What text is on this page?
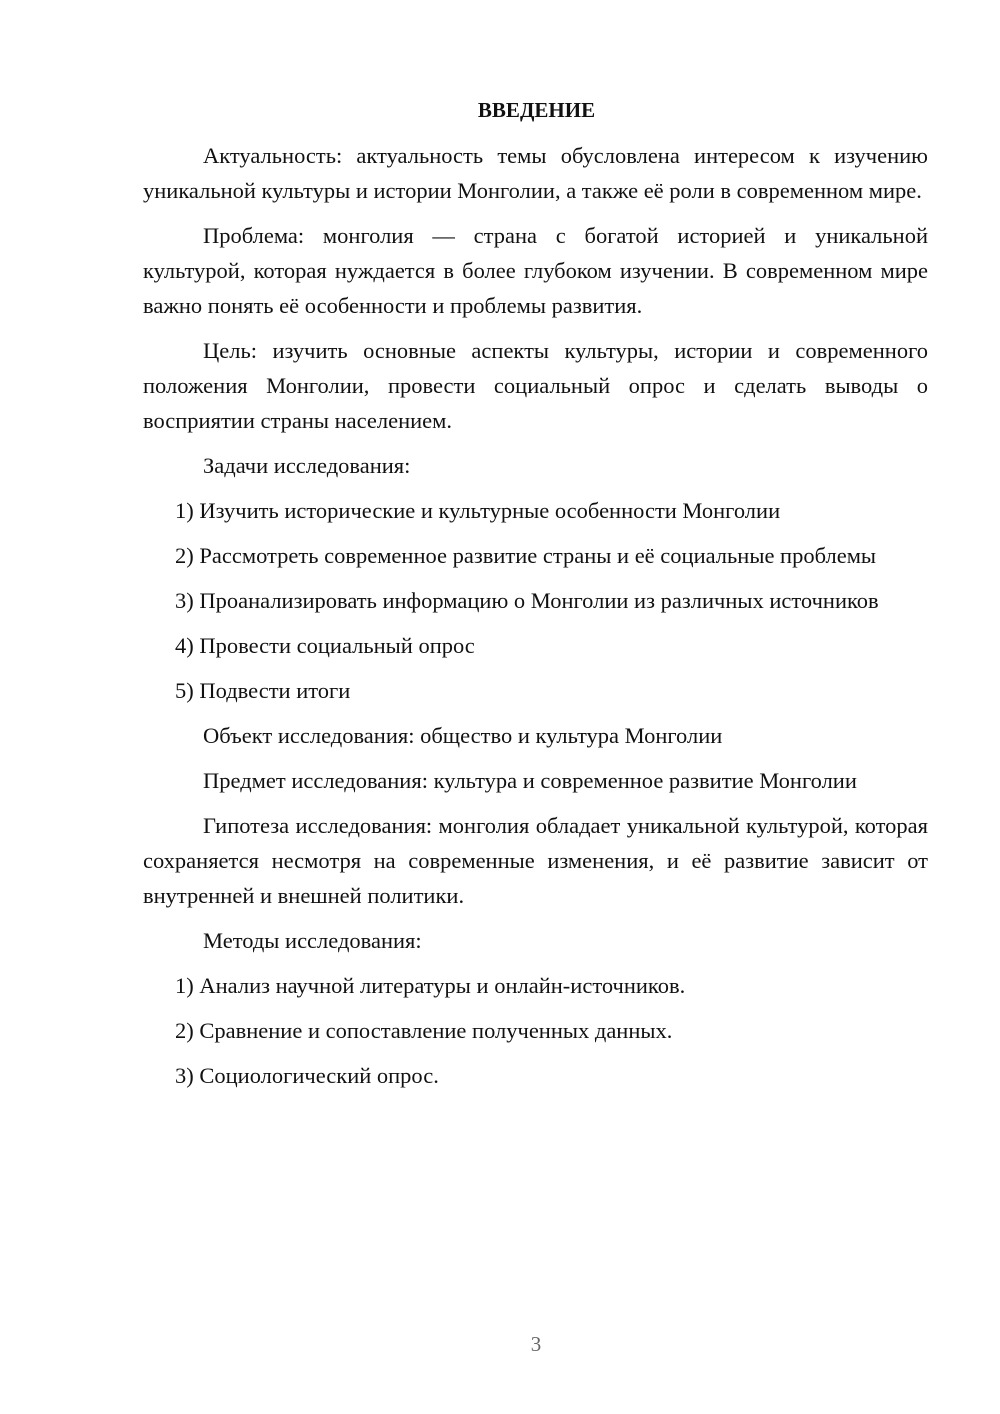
ВВЕДЕНИЕ

Актуальность: актуальность темы обусловлена интересом к изучению уникальной культуры и истории Монголии, а также её роли в современном мире.

Проблема: монголия — страна с богатой историей и уникальной культурой, которая нуждается в более глубоком изучении. В современном мире важно понять её особенности и проблемы развития.

Цель: изучить основные аспекты культуры, истории и современного положения Монголии, провести социальный опрос и сделать выводы о восприятии страны населением.

Задачи исследования:

1) Изучить исторические и культурные особенности Монголии

2) Рассмотреть современное развитие страны и её социальные проблемы

3) Проанализировать информацию о Монголии из различных источников

4) Провести социальный опрос

5) Подвести итоги

Объект исследования: общество и культура Монголии

Предмет исследования: культура и современное развитие Монголии

Гипотеза исследования: монголия обладает уникальной культурой, которая сохраняется несмотря на современные изменения, и её развитие зависит от внутренней и внешней политики.

Методы исследования:

1) Анализ научной литературы и онлайн-источников.

2) Сравнение и сопоставление полученных данных.

3) Социологический опрос.

3
